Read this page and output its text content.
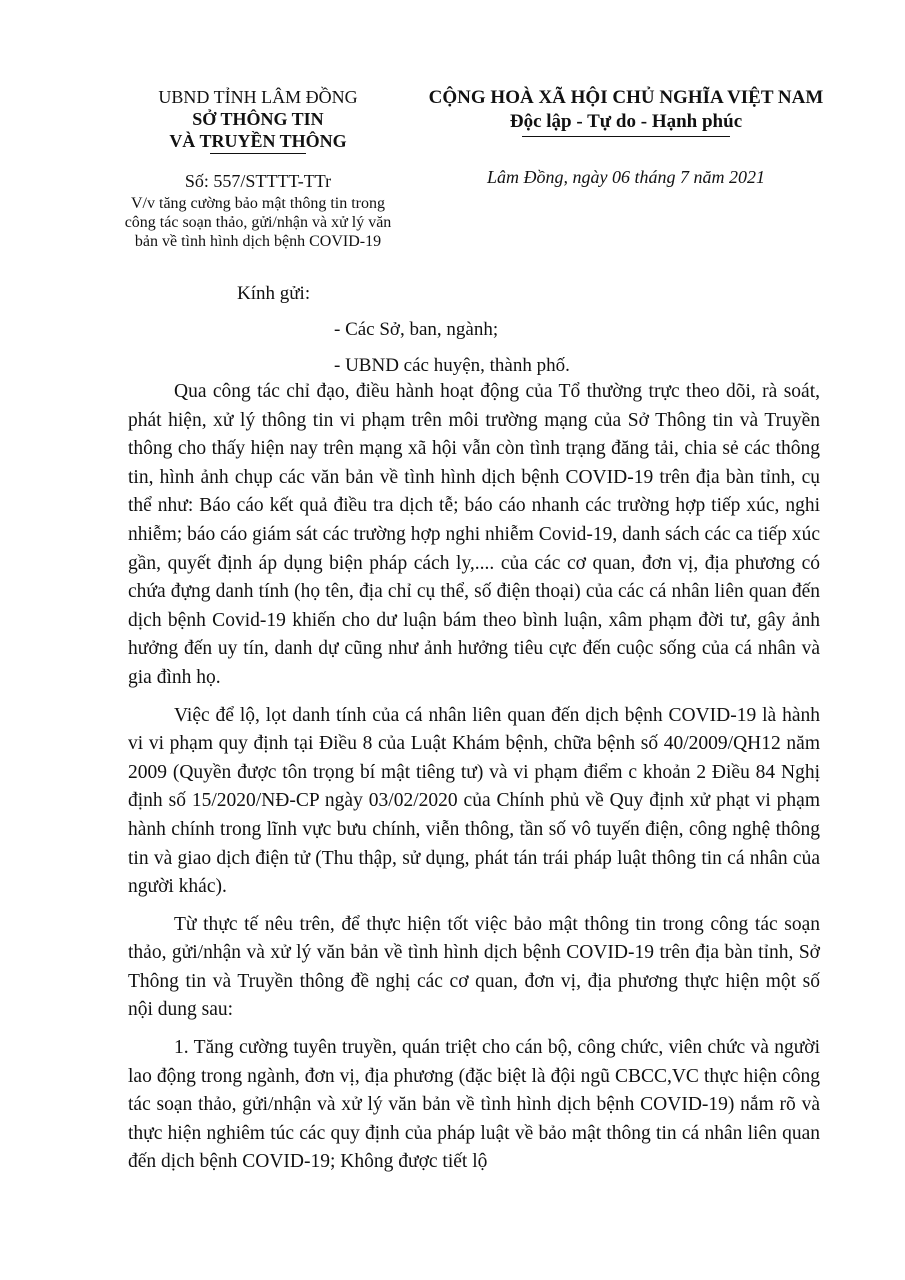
UBND TỈNH LÂM ĐỒNG
SỞ THÔNG TIN
VÀ TRUYỀN THÔNG
Số: 557/STTTT-TTr
V/v tăng cường bảo mật thông tin trong công tác soạn thảo, gửi/nhận và xử lý văn bản về tình hình dịch bệnh COVID-19
CỘNG HOÀ XÃ HỘI CHỦ NGHĨA VIỆT NAM
Độc lập - Tự do - Hạnh phúc
Lâm Đồng, ngày 06 tháng 7 năm 2021
Kính gửi:
- Các Sở, ban, ngành;
- UBND các huyện, thành phố.

Qua công tác chỉ đạo, điều hành hoạt động của Tổ thường trực theo dõi, rà soát, phát hiện, xử lý thông tin vi phạm trên môi trường mạng của Sở Thông tin và Truyền thông cho thấy hiện nay trên mạng xã hội vẫn còn tình trạng đăng tải, chia sẻ các thông tin, hình ảnh chụp các văn bản về tình hình dịch bệnh COVID-19 trên địa bàn tỉnh, cụ thể như: Báo cáo kết quả điều tra dịch tễ; báo cáo nhanh các trường hợp tiếp xúc, nghi nhiễm; báo cáo giám sát các trường hợp nghi nhiễm Covid-19, danh sách các ca tiếp xúc gần, quyết định áp dụng biện pháp cách ly,.... của các cơ quan, đơn vị, địa phương có chứa đựng danh tính (họ tên, địa chỉ cụ thể, số điện thoại) của các cá nhân liên quan đến dịch bệnh Covid-19 khiến cho dư luận bám theo bình luận, xâm phạm đời tư, gây ảnh hưởng đến uy tín, danh dự cũng như ảnh hưởng tiêu cực đến cuộc sống của cá nhân và gia đình họ.

Việc để lộ, lọt danh tính của cá nhân liên quan đến dịch bệnh COVID-19 là hành vi vi phạm quy định tại Điều 8 của Luật Khám bệnh, chữa bệnh số 40/2009/QH12 năm 2009 (Quyền được tôn trọng bí mật tiêng tư) và vi phạm điểm c khoản 2 Điều 84 Nghị định số 15/2020/NĐ-CP ngày 03/02/2020 của Chính phủ về Quy định xử phạt vi phạm hành chính trong lĩnh vực bưu chính, viễn thông, tần số vô tuyến điện, công nghệ thông tin và giao dịch điện tử (Thu thập, sử dụng, phát tán trái pháp luật thông tin cá nhân của người khác).

Từ thực tế nêu trên, để thực hiện tốt việc bảo mật thông tin trong công tác soạn thảo, gửi/nhận và xử lý văn bản về tình hình dịch bệnh COVID-19 trên địa bàn tỉnh, Sở Thông tin và Truyền thông đề nghị các cơ quan, đơn vị, địa phương thực hiện một số nội dung sau:

1. Tăng cường tuyên truyền, quán triệt cho cán bộ, công chức, viên chức và người lao động trong ngành, đơn vị, địa phương (đặc biệt là đội ngũ CBCC,VC thực hiện công tác soạn thảo, gửi/nhận và xử lý văn bản về tình hình dịch bệnh COVID-19) nắm rõ và thực hiện nghiêm túc các quy định của pháp luật về bảo mật thông tin cá nhân liên quan đến dịch bệnh COVID-19; Không được tiết lộ
